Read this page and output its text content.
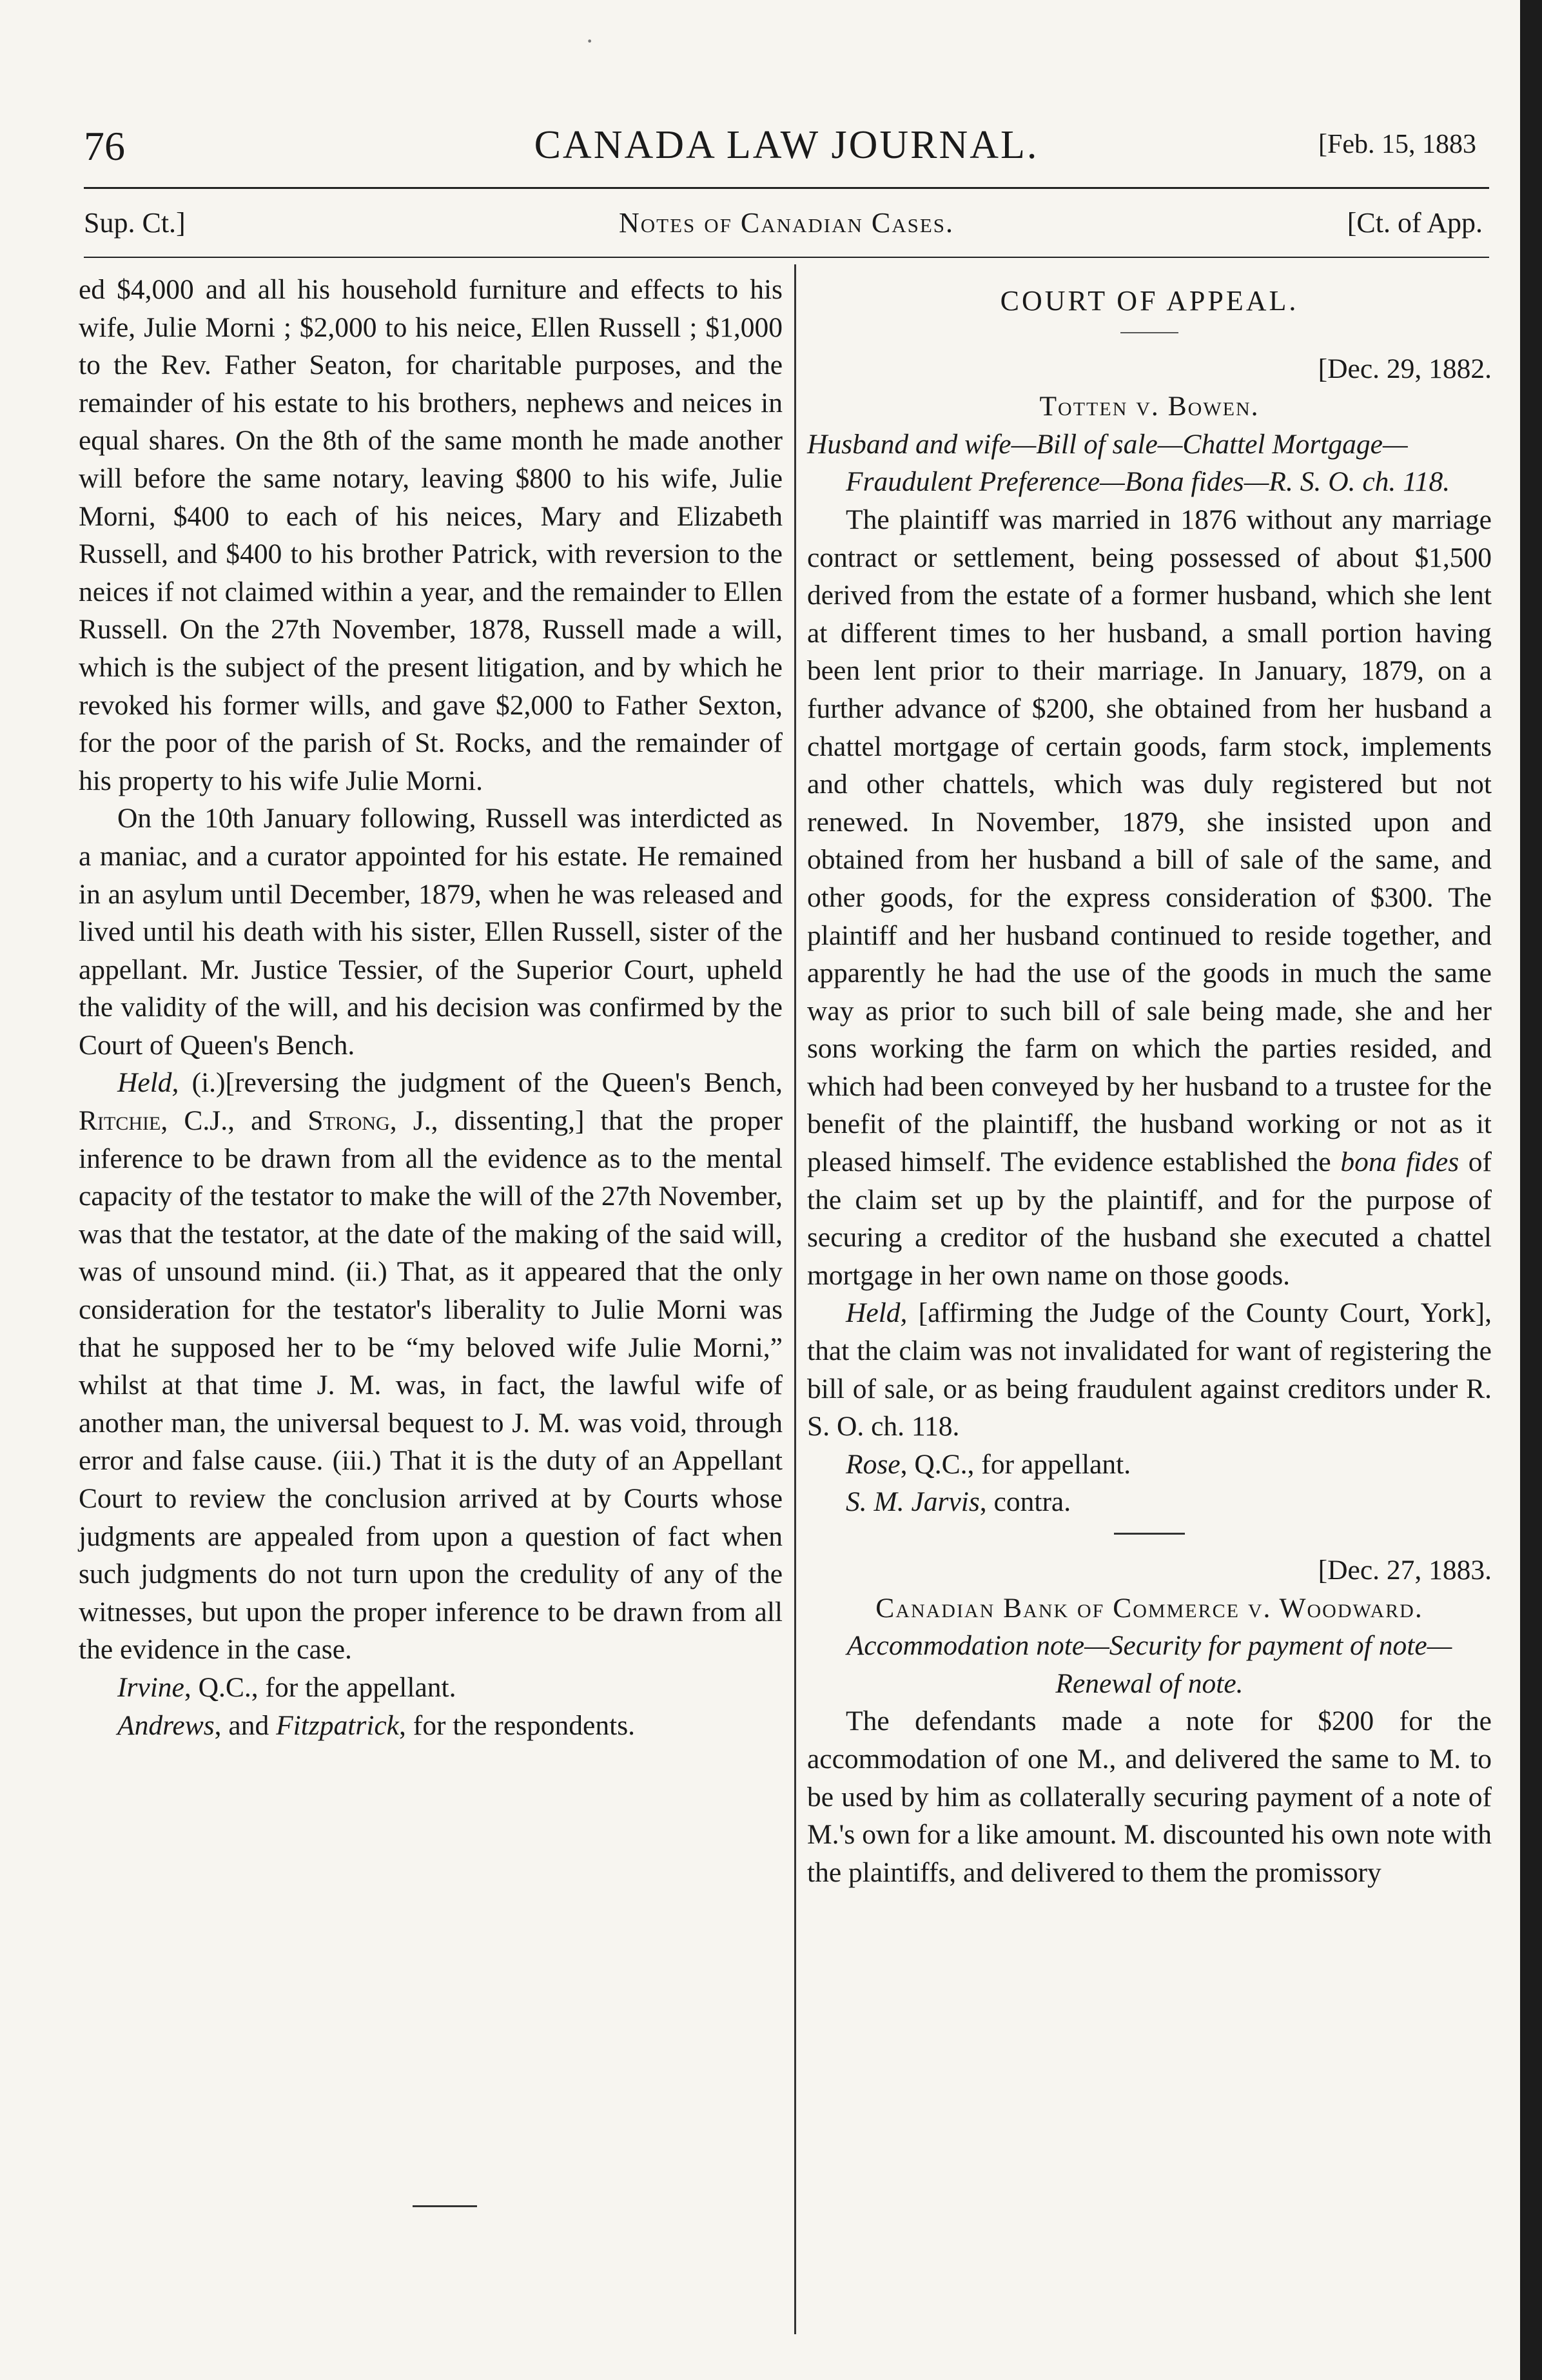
·
76	CANADA LAW JOURNAL.	[Feb. 15, 1883
Sup. Ct.]	Notes of Canadian Cases.	[Ct. of App.

ed $4,000 and all his household furniture and effects to his wife, Julie Morni ; $2,000 to his neice, Ellen Russell ; $1,000 to the Rev. Father Seaton, for charitable purposes, and the remainder of his estate to his brothers, nephews and neices in equal shares. On the 8th of the same month he made another will before the same notary, leaving $800 to his wife, Julie Morni, $400 to each of his neices, Mary and Elizabeth Russell, and $400 to his brother Patrick, with reversion to the neices if not claimed within a year, and the remainder to Ellen Russell. On the 27th November, 1878, Russell made a will, which is the subject of the present litigation, and by which he revoked his former wills, and gave $2,000 to Father Sexton, for the poor of the parish of St. Rocks, and the remainder of his property to his wife Julie Morni.

On the 10th January following, Russell was interdicted as a maniac, and a curator appointed for his estate. He remained in an asylum until December, 1879, when he was released and lived until his death with his sister, Ellen Russell, sister of the appellant. Mr. Justice Tessier, of the Superior Court, upheld the validity of the will, and his decision was confirmed by the Court of Queen's Bench.

Held, (i.)[reversing the judgment of the Queen's Bench, Ritchie, C.J., and Strong, J., dissenting,] that the proper inference to be drawn from all the evidence as to the mental capacity of the testator to make the will of the 27th November, was that the testator, at the date of the making of the said will, was of unsound mind. (ii.) That, as it appeared that the only consideration for the testator's liberality to Julie Morni was that he supposed her to be “my beloved wife Julie Morni,” whilst at that time J. M. was, in fact, the lawful wife of another man, the universal bequest to J. M. was void, through error and false cause. (iii.) That it is the duty of an Appellant Court to review the conclusion arrived at by Courts whose judgments are appealed from upon a question of fact when such judgments do not turn upon the credulity of any of the witnesses, but upon the proper inference to be drawn from all the evidence in the case.

Irvine, Q.C., for the appellant.

Andrews, and Fitzpatrick, for the respondents.

COURT OF APPEAL.

[Dec. 29, 1882.

Totten v. Bowen.

Husband and wife—Bill of sale—Chattel Mortgage—Fraudulent Preference—Bona fides—R. S. O. ch. 118.

The plaintiff was married in 1876 without any marriage contract or settlement, being possessed of about $1,500 derived from the estate of a former husband, which she lent at different times to her husband, a small portion having been lent prior to their marriage. In January, 1879, on a further advance of $200, she obtained from her husband a chattel mortgage of certain goods, farm stock, implements and other chattels, which was duly registered but not renewed. In November, 1879, she insisted upon and obtained from her husband a bill of sale of the same, and other goods, for the express consideration of $300. The plaintiff and her husband continued to reside together, and apparently he had the use of the goods in much the same way as prior to such bill of sale being made, she and her sons working the farm on which the parties resided, and which had been conveyed by her husband to a trustee for the benefit of the plaintiff, the husband working or not as it pleased himself. The evidence established the bona fides of the claim set up by the plaintiff, and for the purpose of securing a creditor of the husband she executed a chattel mortgage in her own name on those goods.

Held, [affirming the Judge of the County Court, York], that the claim was not invalidated for want of registering the bill of sale, or as being fraudulent against creditors under R. S. O. ch. 118.

Rose, Q.C., for appellant.

S. M. Jarvis, contra.

[Dec. 27, 1883.

Canadian Bank of Commerce v. Woodward.

Accommodation note—Security for payment of note—Renewal of note.

The defendants made a note for $200 for the accommodation of one M., and delivered the same to M. to be used by him as collaterally securing payment of a note of M.'s own for a like amount. M. discounted his own note with the plaintiffs, and delivered to them the promissory
